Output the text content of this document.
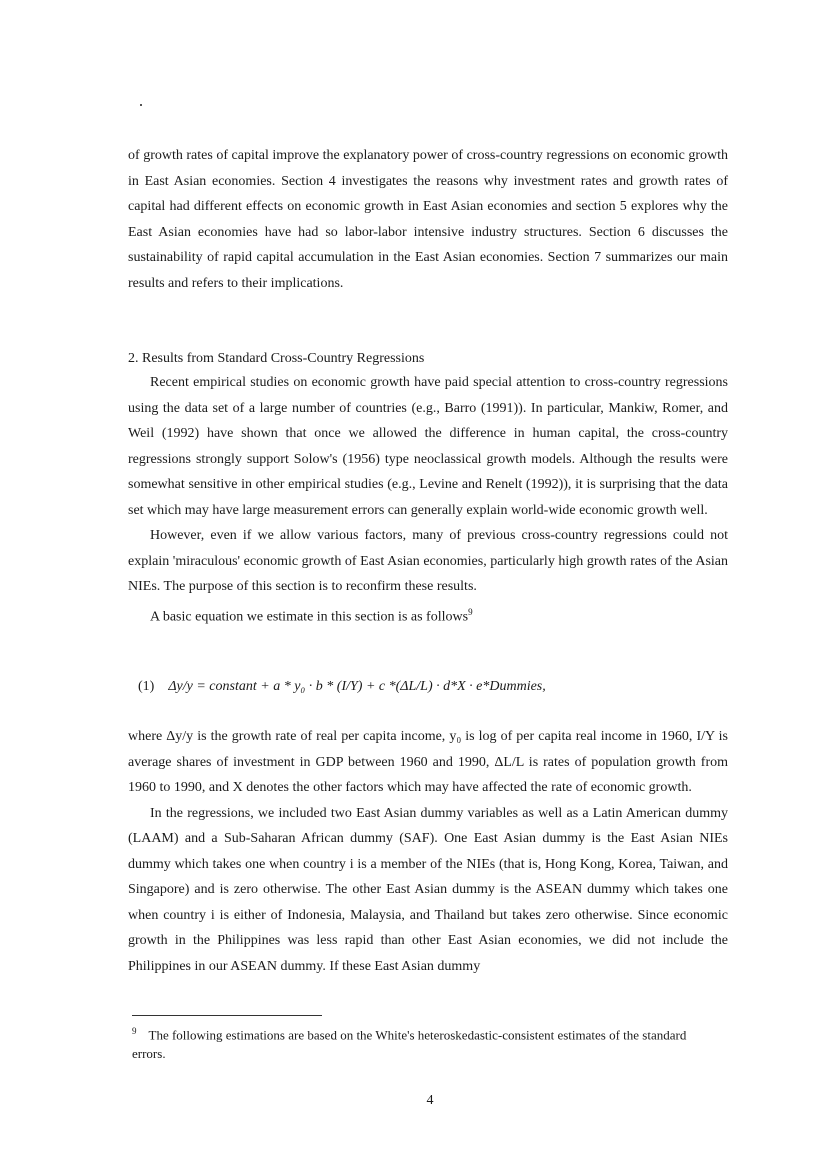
of growth rates of capital improve the explanatory power of cross-country regressions on economic growth in East Asian economies. Section 4 investigates the reasons why investment rates and growth rates of capital had different effects on economic growth in East Asian economies and section 5 explores why the East Asian economies have had so labor-labor intensive industry structures. Section 6 discusses the sustainability of rapid capital accumulation in the East Asian economies. Section 7 summarizes our main results and refers to their implications.

2. Results from Standard Cross-Country Regressions

Recent empirical studies on economic growth have paid special attention to cross-country regressions using the data set of a large number of countries (e.g., Barro (1991)). In particular, Mankiw, Romer, and Weil (1992) have shown that once we allowed the difference in human capital, the cross-country regressions strongly support Solow's (1956) type neoclassical growth models. Although the results were somewhat sensitive in other empirical studies (e.g., Levine and Renelt (1992)), it is surprising that the data set which may have large measurement errors can generally explain world-wide economic growth well.

However, even if we allow various factors, many of previous cross-country regressions could not explain 'miraculous' economic growth of East Asian economies, particularly high growth rates of the Asian NIEs. The purpose of this section is to reconfirm these results.

A basic equation we estimate in this section is as follows$^9$

(1) Δy/y = constant + a * y₀ · b * (I/Y) + c *(ΔL/L) · d*X · e*Dummies,

where Δy/y is the growth rate of real per capita income, y₀ is log of per capita real income in 1960, I/Y is average shares of investment in GDP between 1960 and 1990, ΔL/L is rates of population growth from 1960 to 1990, and X denotes the other factors which may have affected the rate of economic growth.

In the regressions, we included two East Asian dummy variables as well as a Latin American dummy (LAAM) and a Sub-Saharan African dummy (SAF). One East Asian dummy is the East Asian NIEs dummy which takes one when country i is a member of the NIEs (that is, Hong Kong, Korea, Taiwan, and Singapore) and is zero otherwise. The other East Asian dummy is the ASEAN dummy which takes one when country i is either of Indonesia, Malaysia, and Thailand but takes zero otherwise. Since economic growth in the Philippines was less rapid than other East Asian economies, we did not include the Philippines in our ASEAN dummy. If these East Asian dummy

$^9$ The following estimations are based on the White's heteroskedastic-consistent estimates of the standard errors.

4
